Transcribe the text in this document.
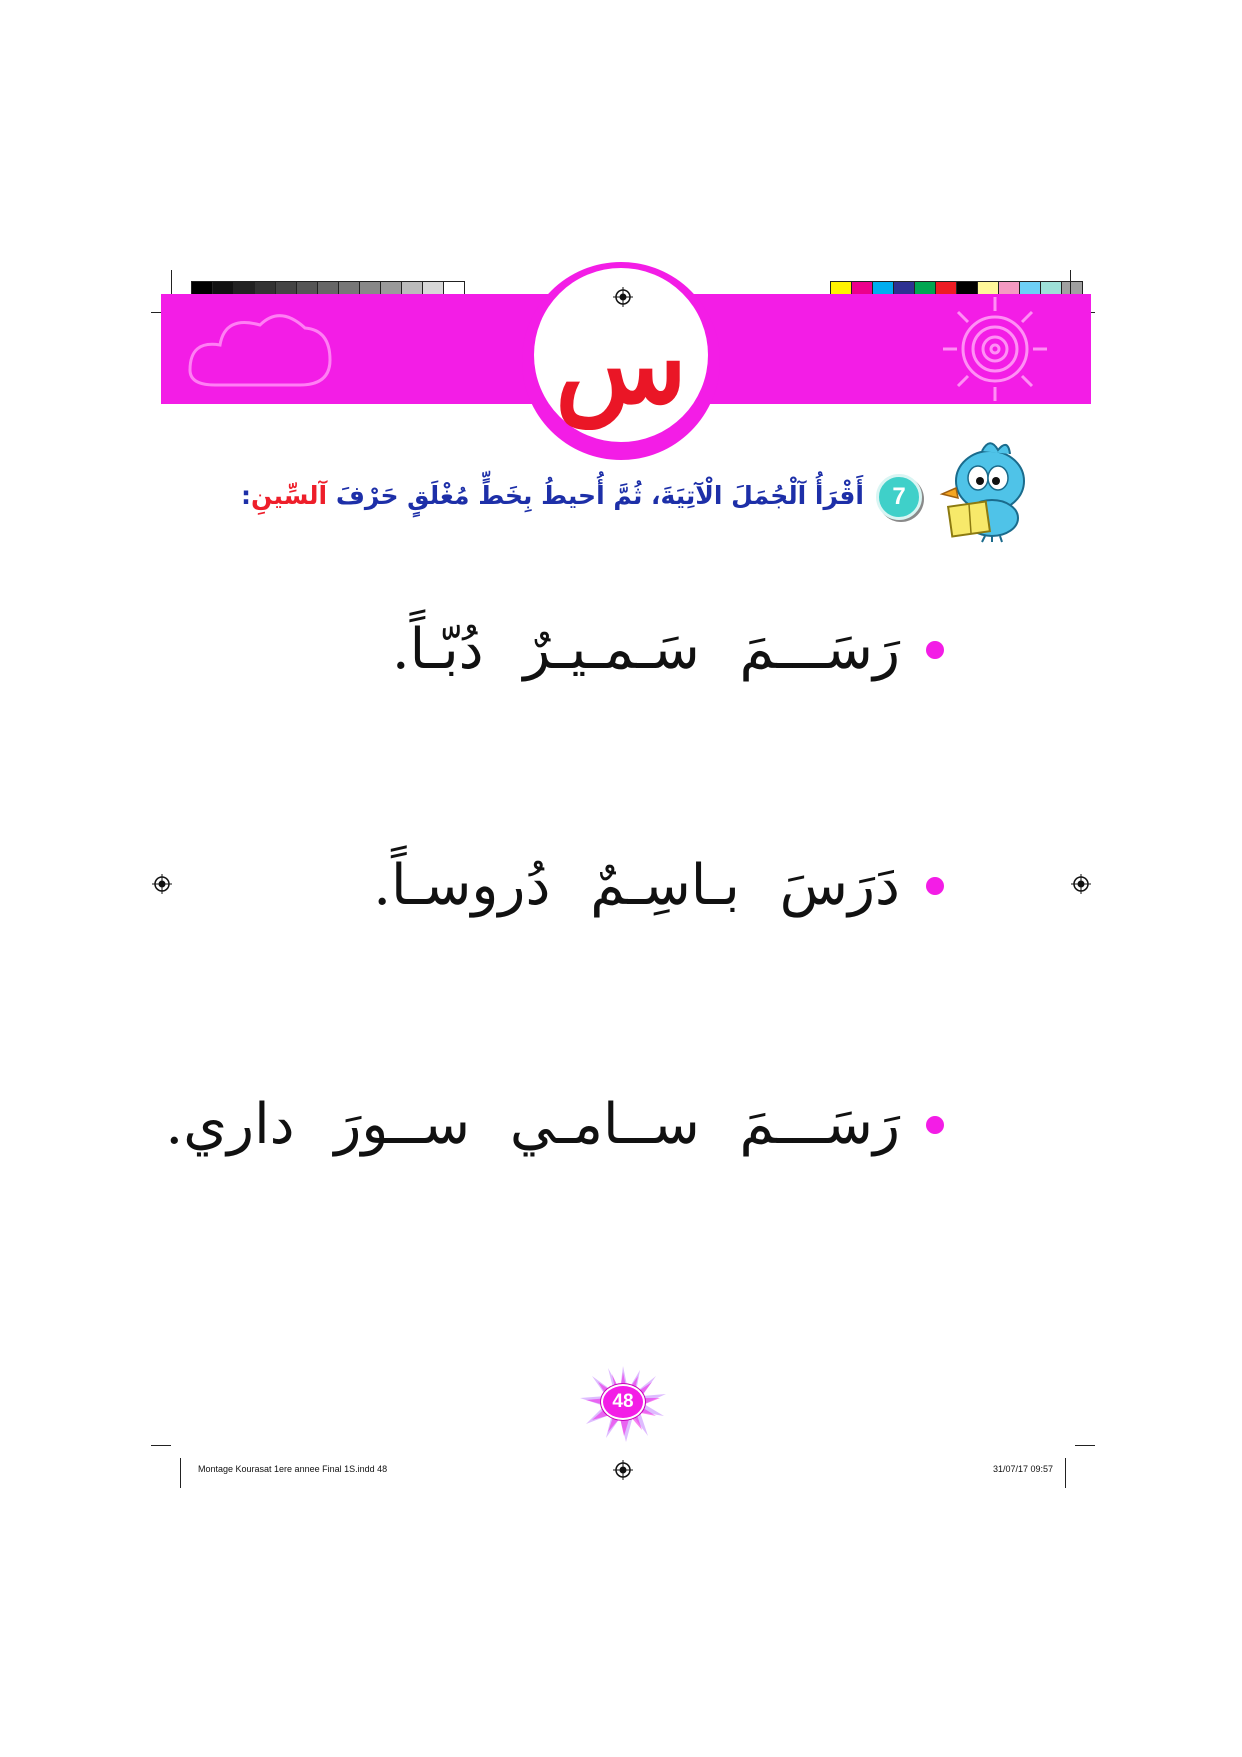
س
7
أَقْرَأُ آلْجُمَلَ الْآتِيَةَ، ثُمَّ أُحيطُ بِخَطٍّ مُغْلَقٍ حَرْفَ آلسِّينِ:
رَسَـــمَ سَـمـيـرٌ دُبّـاً.
دَرَسَ بـاسِـمٌ دُروسـاً.
رَسَـــمَ ســامـي ســورَ داري.
48
Montage Kourasat 1ere annee Final 1S.indd 48	31/07/17 09:57
